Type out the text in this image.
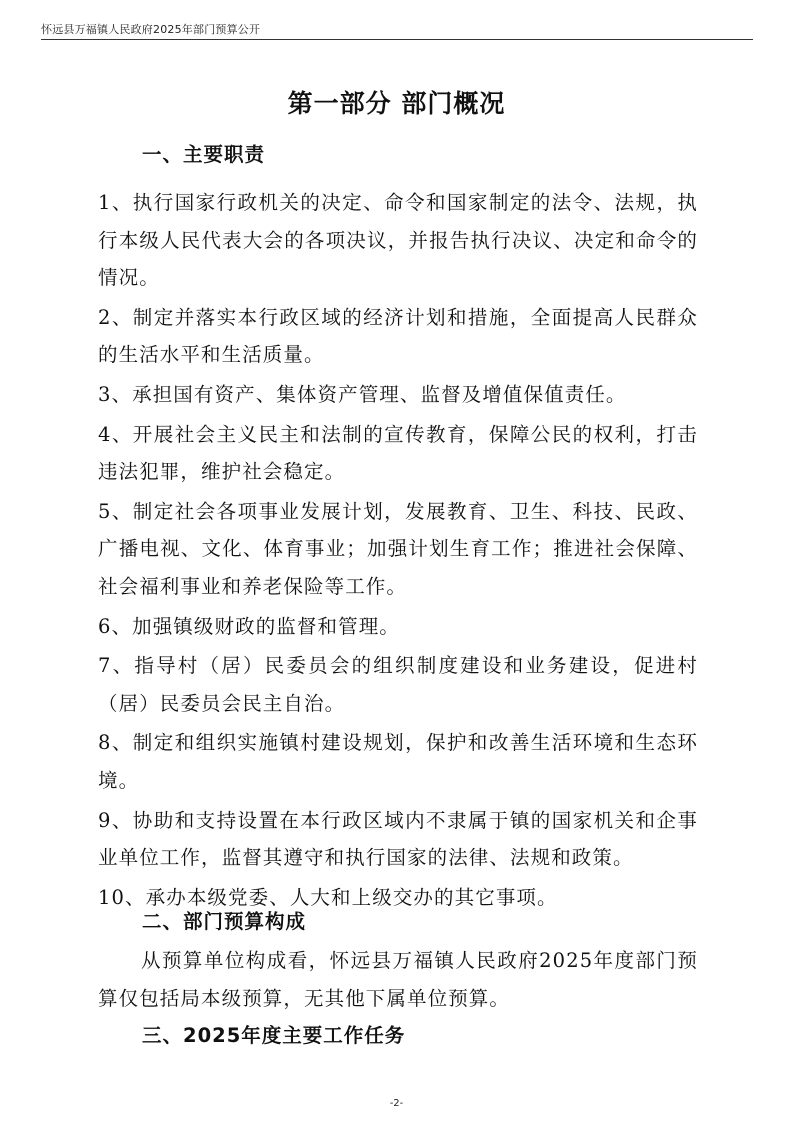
怀远县万福镇人民政府2025年部门预算公开
第一部分 部门概况
一、主要职责
1、执行国家行政机关的决定、命令和国家制定的法令、法规，执行本级人民代表大会的各项决议，并报告执行决议、决定和命令的情况。
2、制定并落实本行政区域的经济计划和措施，全面提高人民群众的生活水平和生活质量。
3、承担国有资产、集体资产管理、监督及增值保值责任。
4、开展社会主义民主和法制的宣传教育，保障公民的权利，打击违法犯罪，维护社会稳定。
5、制定社会各项事业发展计划，发展教育、卫生、科技、民政、广播电视、文化、体育事业；加强计划生育工作；推进社会保障、社会福利事业和养老保险等工作。
6、加强镇级财政的监督和管理。
7、指导村（居）民委员会的组织制度建设和业务建设，促进村（居）民委员会民主自治。
8、制定和组织实施镇村建设规划，保护和改善生活环境和生态环境。
9、协助和支持设置在本行政区域内不隶属于镇的国家机关和企事业单位工作，监督其遵守和执行国家的法律、法规和政策。
10、承办本级党委、人大和上级交办的其它事项。
二、部门预算构成

从预算单位构成看，怀远县万福镇人民政府2025年度部门预算仅包括局本级预算，无其他下属单位预算。

三、2025年度主要工作任务
-2-
